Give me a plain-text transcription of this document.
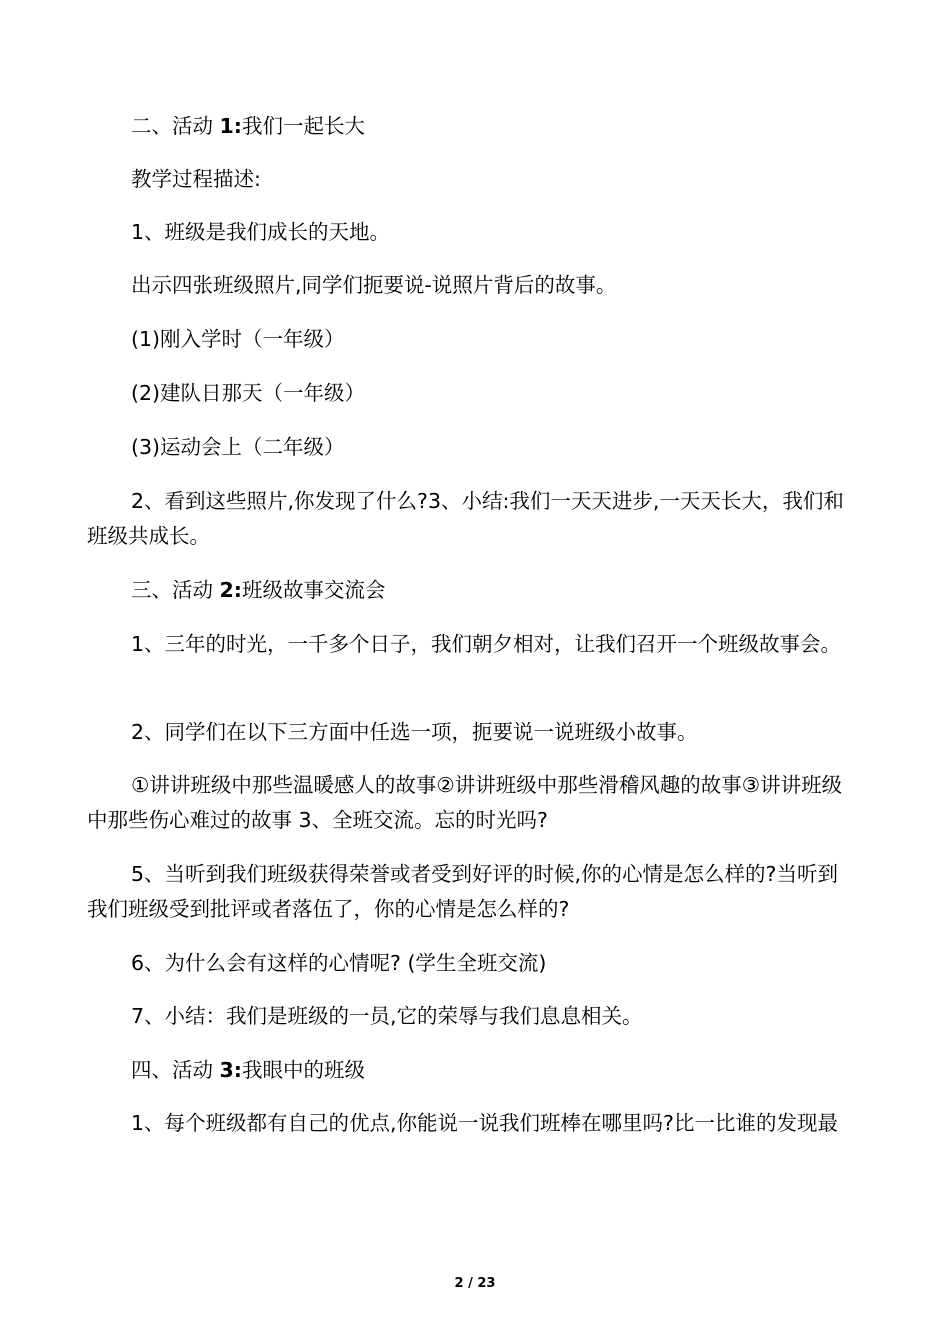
二、活动 1:我们一起长大

教学过程描述:

1、班级是我们成长的天地。

出示四张班级照片,同学们扼要说-说照片背后的故事。

(1)刚入学时（一年级）

(2)建队日那天（一年级）

(3)运动会上（二年级）

2、看到这些照片,你发现了什么?3、小结:我们一天天进步,一天天长大，我们和班级共成长。

三、活动 2:班级故事交流会

1、三年的时光，一千多个日子，我们朝夕相对，让我们召开一个班级故事会。

2、同学们在以下三方面中任选一项，扼要说一说班级小故事。

①讲讲班级中那些温暖感人的故事②讲讲班级中那些滑稽风趣的故事③讲讲班级中那些伤心难过的故事 3、全班交流。忘的时光吗?

5、当听到我们班级获得荣誉或者受到好评的时候,你的心情是怎么样的?当听到我们班级受到批评或者落伍了，你的心情是怎么样的?

6、为什么会有这样的心情呢? (学生全班交流)

7、小结：我们是班级的一员,它的荣辱与我们息息相关。

四、活动 3:我眼中的班级

1、每个班级都有自己的优点,你能说一说我们班棒在哪里吗?比一比谁的发现最

2 / 23
